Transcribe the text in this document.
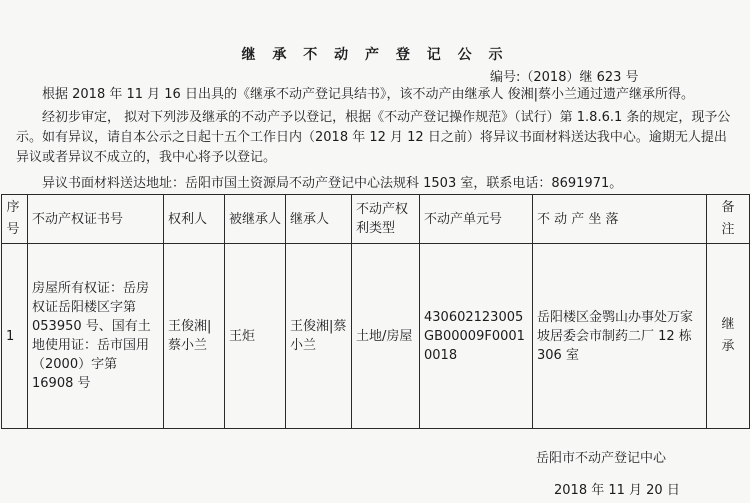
继 承 不 动 产 登 记 公 示
编号:（2018）继 623 号
根据 2018 年 11 月 16 日出具的《继承不动产登记具结书》，该不动产由继承人 俊湘|蔡小兰通过遗产继承所得。
经初步审定， 拟对下列涉及继承的不动产予以登记，根据《不动产登记操作规范》（试行）第 1.8.6.1 条的规定，现予公示。如有异议，请自本公示之日起十五个工作日内（2018 年 12 月 12 日之前）将异议书面材料送达我中心。逾期无人提出异议或者异议不成立的，我中心将予以登记。
异议书面材料送达地址：岳阳市国土资源局不动产登记中心法规科 1503 室，联系电话：8691971。
序号	不动产权证书号	权利人	被继承人	继承人	不动产权利类型	不动产单元号	不 动 产 坐 落	备注
1	房屋所有权证：岳房权证岳阳楼区字第 053950 号、国有土地使用证：岳市国用（2000）字第 16908 号	王俊湘|蔡小兰	王炬	王俊湘|蔡小兰	土地/房屋	430602123005GB00009F00010018	岳阳楼区金鹗山办事处万家坡居委会市制药二厂 12 栋 306 室	继承
岳阳市不动产登记中心
2018 年 11 月 20 日
